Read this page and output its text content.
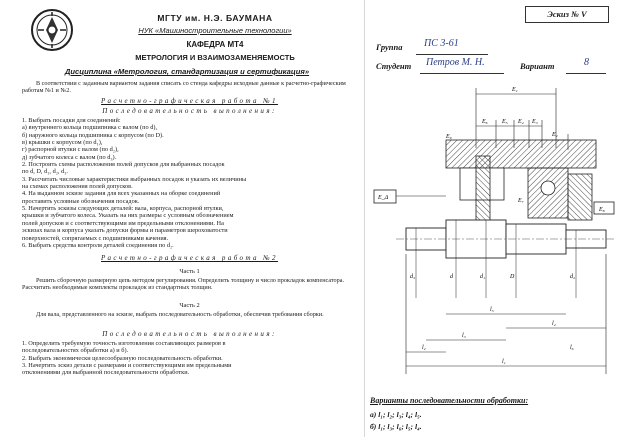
МГТУ им. Н.Э. БАУМАНА
НУК «Машиностроительные технологии»
КАФЕДРА МТ4
МЕТРОЛОГИЯ И ВЗАИМОЗАМЕНЯЕМОСТЬ
Дисциплина «Метрология, стандартизация и сертификация»
В соответствии с заданным вариантом задания списать со стенда кафедры исходные данные к расчетно-графическим работам №1 и №2.
Расчетно-графическая работа №1
Последовательность выполнения:
1. Выбрать посадки для соединений:
а) внутреннего кольца подшипника с валом (по d),
б) наружного кольца подшипника с корпусом (по D).
в) крышки с корпусом (по d₁),
г) распорной втулки с валом (по d₂),
д) зубчатого колеса с валом (по d₃).
2. Построить схемы расположения полей допусков для выбранных посадок
по d, D, d₁, d₂, d₃.
3. Рассчитать числовые характеристики выбранных посадок и указать их величины
на схемах расположения полей допусков.
4. На выданном эскизе задания для всех указанных на оборке соединений
проставить условные обозначения посадок.
5. Начертить эскизы следующих деталей: вала, корпуса, распорной втулки,
крышки и зубчатого колеса. Указать на них размеры с условным обозначением
полей допусков и с соответствующими им предельными отклонениями. На
эскизах вала и корпуса указать допуски формы и параметров шероховатости
поверхностей, сопрягаемых с подшипниками качения.
6. Выбрать средства контроля деталей соединения по d₂.
Расчетно-графическая работа №2
Часть 1
Решить сборочную размерную цепь методом регулирования. Определить толщину и число прокладок компенсатора. Рассчитать необходимые комплекты прокладок из стандартных толщин.
Часть 2
Для вала, представленного на эскизе, выбрать последовательность обработки, обеспечив требования сборки.
Последовательность выполнения:
1. Определить требуемую точность изготовления составляющих размеров в
последовательностях обработки а) и б).
2. Выбрать экономически целесообразную последовательность обработки.
3. Начертить эскиз детали с размерами и соответствующими им предельными
отклонениями для выбранной последовательности обработки.
Эскиз № V
Группа ПС 3-61
Студент Петров М. Н.	Вариант	8
E₁
E₆ E₅ E₄ E₃
E₂
E_Δ	E₇
E₈
E₉
d₃	d	d₁	D	d₂
l₅
l₄
l₃
l₂
l₁
l₆
Варианты последовательности обработки:
а) l₁; l₂; l₃; l₄; l₅.
б) l₁; l₃; l₆; l₅; l₄.
